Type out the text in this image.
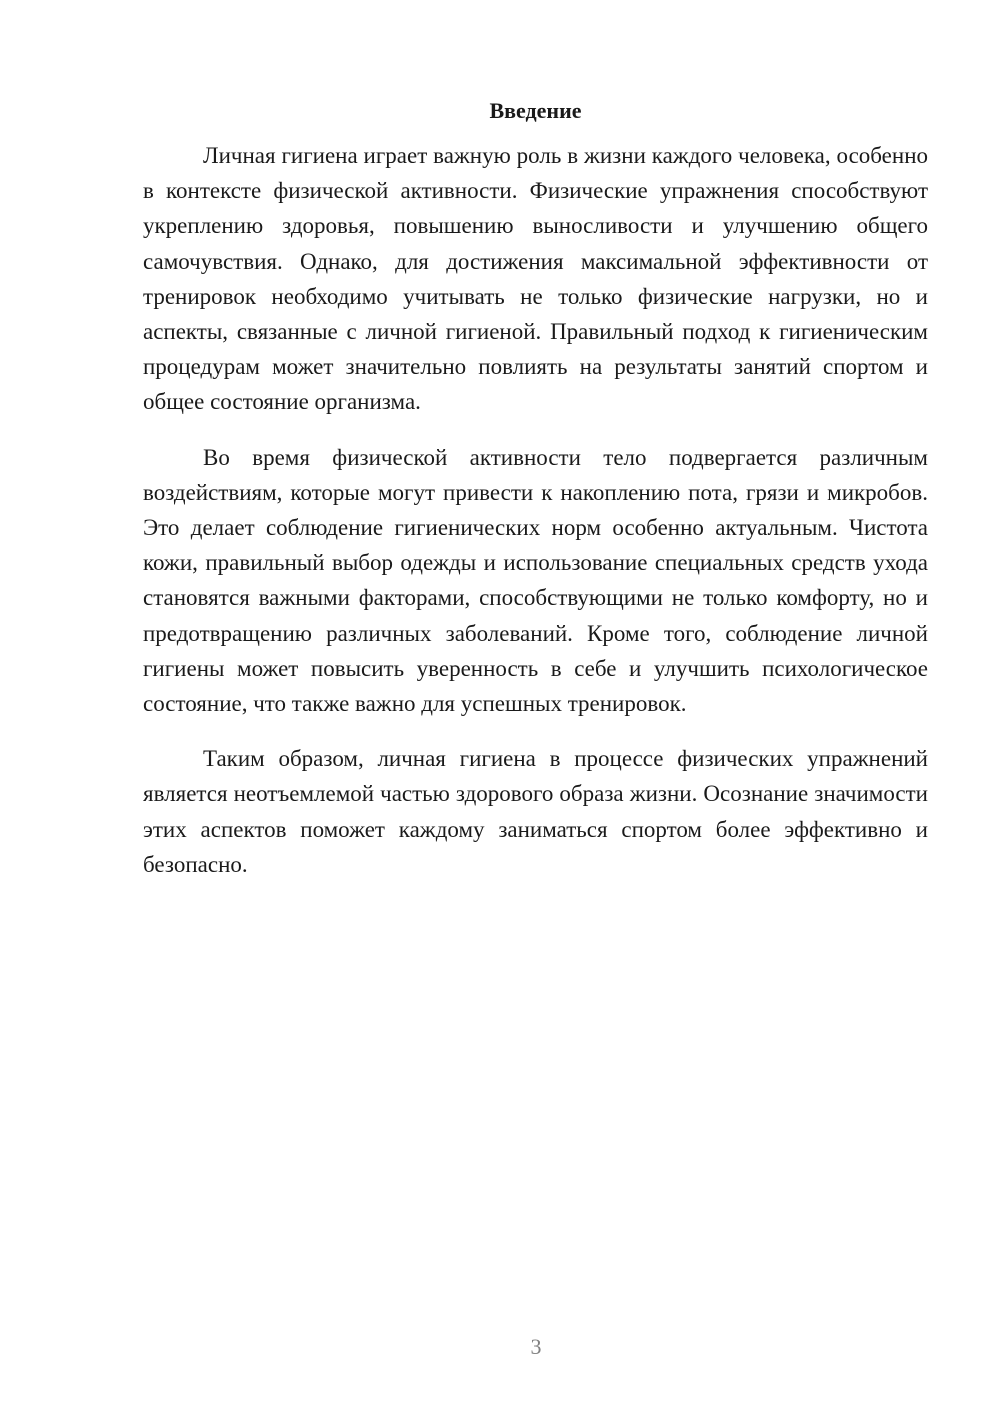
Введение

Личная гигиена играет важную роль в жизни каждого человека, особенно в контексте физической активности. Физические упражнения способствуют укреплению здоровья, повышению выносливости и улучшению общего самочувствия. Однако, для достижения максимальной эффективности от тренировок необходимо учитывать не только физические нагрузки, но и аспекты, связанные с личной гигиеной. Правильный подход к гигиеническим процедурам может значительно повлиять на результаты занятий спортом и общее состояние организма.

Во время физической активности тело подвергается различным воздействиям, которые могут привести к накоплению пота, грязи и микробов. Это делает соблюдение гигиенических норм особенно актуальным. Чистота кожи, правильный выбор одежды и использование специальных средств ухода становятся важными факторами, способствующими не только комфорту, но и предотвращению различных заболеваний. Кроме того, соблюдение личной гигиены может повысить уверенность в себе и улучшить психологическое состояние, что также важно для успешных тренировок.

Таким образом, личная гигиена в процессе физических упражнений является неотъемлемой частью здорового образа жизни. Осознание значимости этих аспектов поможет каждому заниматься спортом более эффективно и безопасно.

3
